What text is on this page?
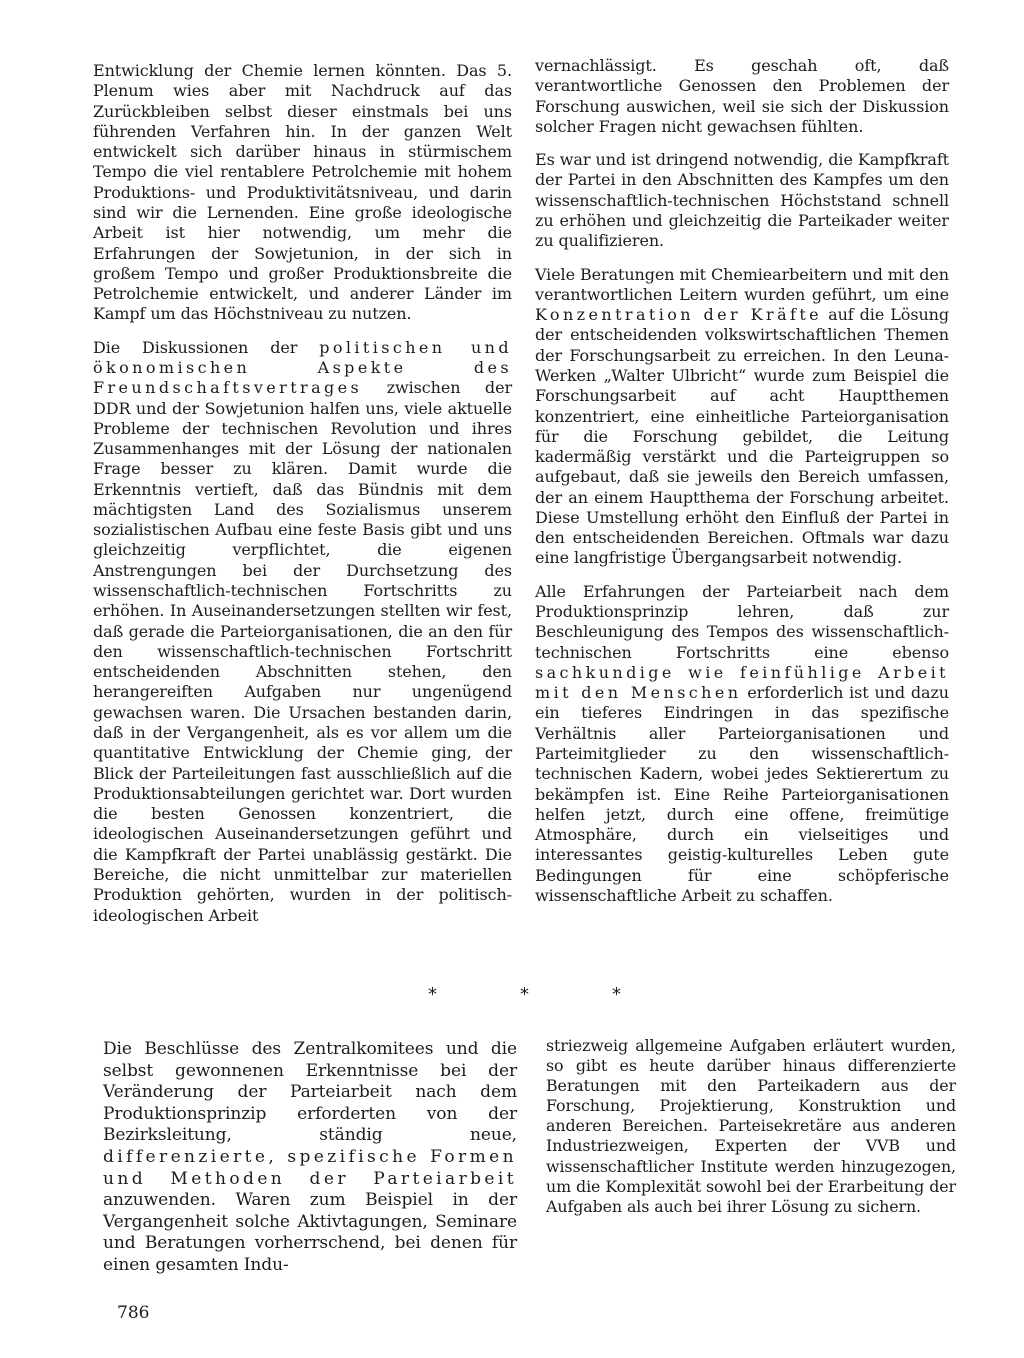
Entwicklung der Chemie lernen könnten. Das 5. Plenum wies aber mit Nachdruck auf das Zurückbleiben selbst dieser einstmals bei uns führenden Verfahren hin. In der ganzen Welt entwickelt sich darüber hinaus in stürmischem Tempo die viel rentablere Petrolchemie mit hohem Produktions- und Produktivitätsniveau, und darin sind wir die Lernenden. Eine große ideologische Arbeit ist hier notwendig, um mehr die Erfahrungen der Sowjetunion, in der sich in großem Tempo und großer Produktionsbreite die Petrolchemie entwickelt, und anderer Länder im Kampf um das Höchstniveau zu nutzen.

Die Diskussionen der politischen und ökonomischen Aspekte des Freundschaftsvertrages zwischen der DDR und der Sowjetunion halfen uns, viele aktuelle Probleme der technischen Revolution und ihres Zusammenhanges mit der Lösung der nationalen Frage besser zu klären. Damit wurde die Erkenntnis vertieft, daß das Bündnis mit dem mächtigsten Land des Sozialismus unserem sozialistischen Aufbau eine feste Basis gibt und uns gleichzeitig verpflichtet, die eigenen Anstrengungen bei der Durchsetzung des wissenschaftlich-technischen Fortschritts zu erhöhen. In Auseinandersetzungen stellten wir fest, daß gerade die Parteiorganisationen, die an den für den wissenschaftlich-technischen Fortschritt entscheidenden Abschnitten stehen, den herangereiften Aufgaben nur ungenügend gewachsen waren. Die Ursachen bestanden darin, daß in der Vergangenheit, als es vor allem um die quantitative Entwicklung der Chemie ging, der Blick der Parteileitungen fast ausschließlich auf die Produktionsabteilungen gerichtet war. Dort wurden die besten Genossen konzentriert, die ideologischen Auseinandersetzungen geführt und die Kampfkraft der Partei unablässig gestärkt. Die Bereiche, die nicht unmittelbar zur materiellen Produktion gehörten, wurden in der politisch-ideologischen Arbeit

vernachlässigt. Es geschah oft, daß verantwortliche Genossen den Problemen der Forschung auswichen, weil sie sich der Diskussion solcher Fragen nicht gewachsen fühlten.

Es war und ist dringend notwendig, die Kampfkraft der Partei in den Abschnitten des Kampfes um den wissenschaftlich-technischen Höchststand schnell zu erhöhen und gleichzeitig die Parteikader weiter zu qualifizieren.

Viele Beratungen mit Chemiearbeitern und mit den verantwortlichen Leitern wurden geführt, um eine Konzentration der Kräfte auf die Lösung der entscheidenden volkswirtschaftlichen Themen der Forschungsarbeit zu erreichen. In den Leuna-Werken „Walter Ulbricht“ wurde zum Beispiel die Forschungsarbeit auf acht Hauptthemen konzentriert, eine einheitliche Parteiorganisation für die Forschung gebildet, die Leitung kadermäßig verstärkt und die Parteigruppen so aufgebaut, daß sie jeweils den Bereich umfassen, der an einem Hauptthema der Forschung arbeitet. Diese Umstellung erhöht den Einfluß der Partei in den entscheidenden Bereichen. Oftmals war dazu eine langfristige Übergangsarbeit notwendig.

Alle Erfahrungen der Parteiarbeit nach dem Produktionsprinzip lehren, daß zur Beschleunigung des Tempos des wissenschaftlich-technischen Fortschritts eine ebenso sachkundige wie feinfühlige Arbeit mit den Menschen erforderlich ist und dazu ein tieferes Eindringen in das spezifische Verhältnis aller Parteiorganisationen und Parteimitglieder zu den wissenschaftlich-technischen Kadern, wobei jedes Sektierertum zu bekämpfen ist. Eine Reihe Parteiorganisationen helfen jetzt, durch eine offene, freimütige Atmosphäre, durch ein vielseitiges und interessantes geistig-kulturelles Leben gute Bedingungen für eine schöpferische wissenschaftliche Arbeit zu schaffen.

*	*	*

Die Beschlüsse des Zentralkomitees und die selbst gewonnenen Erkenntnisse bei der Veränderung der Parteiarbeit nach dem Produktionsprinzip erforderten von der Bezirksleitung, ständig neue, differenzierte, spezifische Formen und Methoden der Parteiarbeit anzuwenden. Waren zum Beispiel in der Vergangenheit solche Aktivtagungen, Seminare und Beratungen vorherrschend, bei denen für einen gesamten Indu-

striezweig allgemeine Aufgaben erläutert wurden, so gibt es heute darüber hinaus differenzierte Beratungen mit den Parteikadern aus der Forschung, Projektierung, Konstruktion und anderen Bereichen. Parteisekretäre aus anderen Industriezweigen, Experten der VVB und wissenschaftlicher Institute werden hinzugezogen, um die Komplexität sowohl bei der Erarbeitung der Aufgaben als auch bei ihrer Lösung zu sichern.

786
